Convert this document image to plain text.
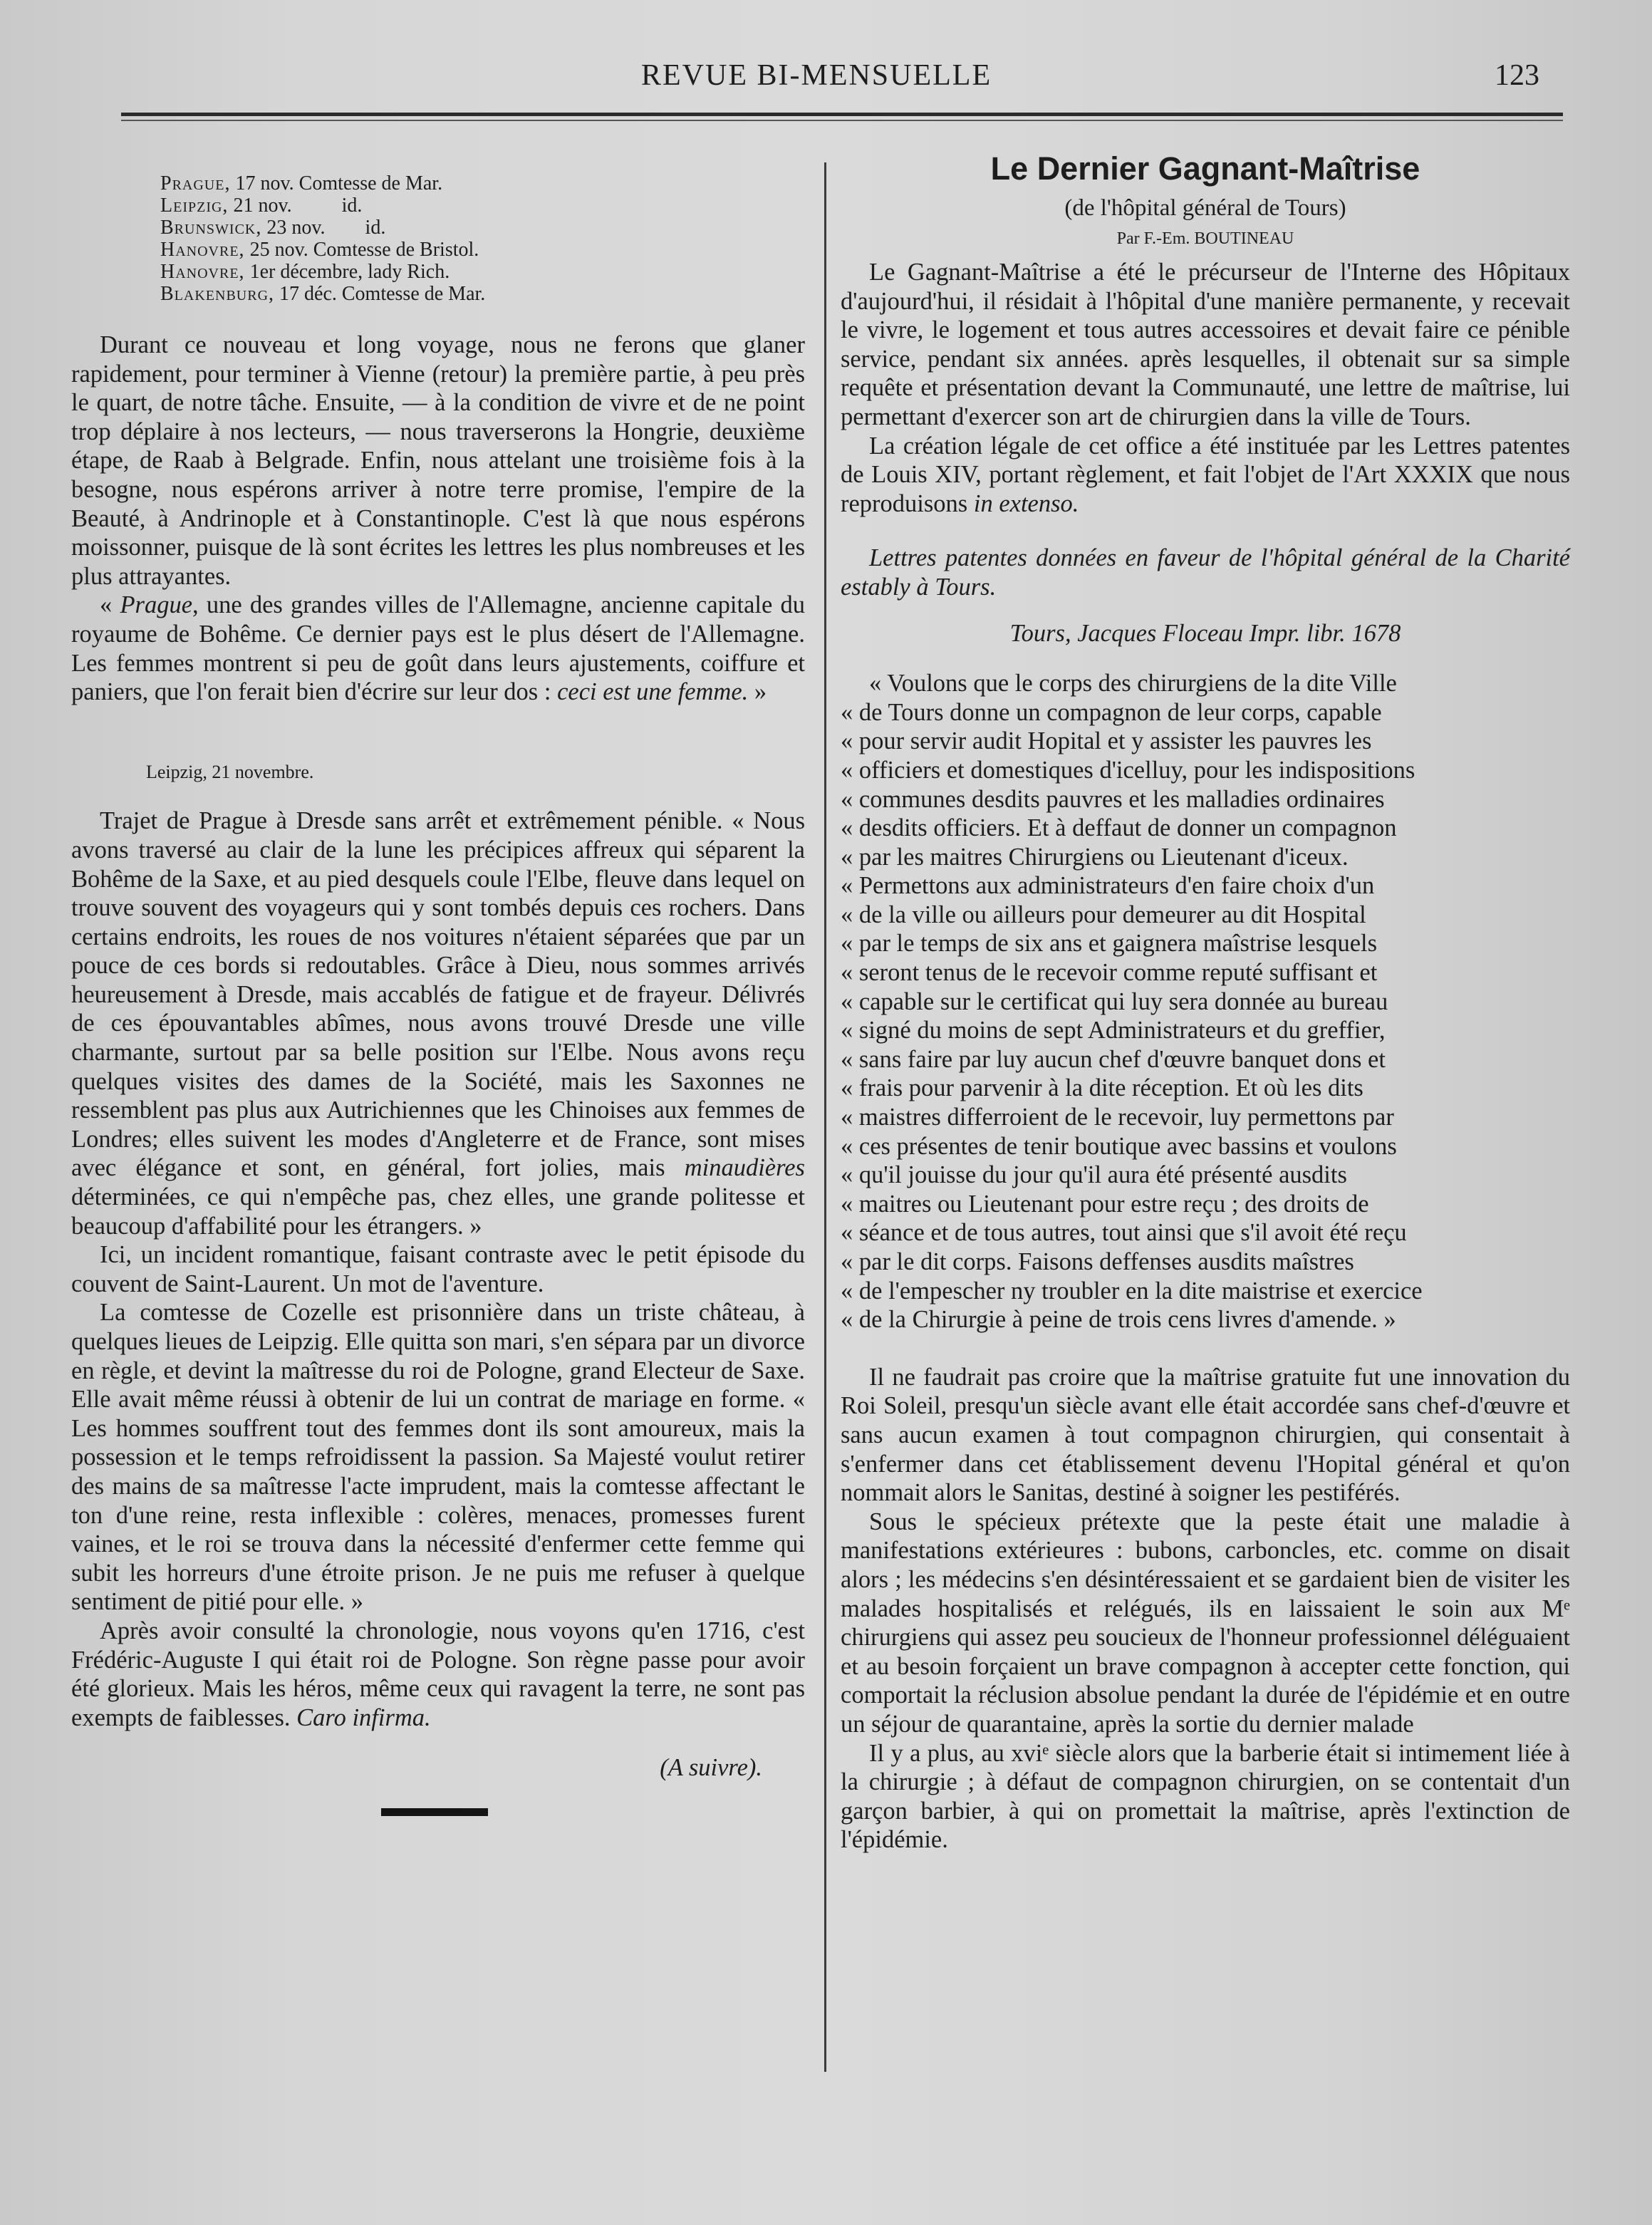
REVUE BI-MENSUELLE	123
Prague, 17 nov. Comtesse de Mar.
Leipzig, 21 nov.          id.
Brunswick, 23 nov.        id.
Hanovre, 25 nov. Comtesse de Bristol.
Hanovre, 1er décembre, lady Rich.
Blakenburg, 17 déc. Comtesse de Mar.

Durant ce nouveau et long voyage, nous ne ferons que glaner rapidement, pour terminer à Vienne (retour) la première partie, à peu près le quart, de notre tâche. Ensuite, — à la condition de vivre et de ne point trop déplaire à nos lecteurs, — nous traverserons la Hongrie, deuxième étape, de Raab à Belgrade. Enfin, nous attelant une troisième fois à la besogne, nous espérons arriver à notre terre promise, l'empire de la Beauté, à Andrinople et à Constantinople. C'est là que nous espérons moissonner, puisque de là sont écrites les lettres les plus nombreuses et les plus attrayantes.

« Prague, une des grandes villes de l'Allemagne, ancienne capitale du royaume de Bohême. Ce dernier pays est le plus désert de l'Allemagne. Les femmes montrent si peu de goût dans leurs ajustements, coiffure et paniers, que l'on ferait bien d'écrire sur leur dos : ceci est une femme. »

Leipzig, 21 novembre.

Trajet de Prague à Dresde sans arrêt et extrêmement pénible. « Nous avons traversé au clair de la lune les précipices affreux qui séparent la Bohême de la Saxe, et au pied desquels coule l'Elbe, fleuve dans lequel on trouve souvent des voyageurs qui y sont tombés depuis ces rochers. Dans certains endroits, les roues de nos voitures n'étaient séparées que par un pouce de ces bords si redoutables. Grâce à Dieu, nous sommes arrivés heureusement à Dresde, mais accablés de fatigue et de frayeur. Délivrés de ces épouvantables abîmes, nous avons trouvé Dresde une ville charmante, surtout par sa belle position sur l'Elbe. Nous avons reçu quelques visites des dames de la Société, mais les Saxonnes ne ressemblent pas plus aux Autrichiennes que les Chinoises aux femmes de Londres; elles suivent les modes d'Angleterre et de France, sont mises avec élégance et sont, en général, fort jolies, mais minaudières déterminées, ce qui n'empêche pas, chez elles, une grande politesse et beaucoup d'affabilité pour les étrangers. »

Ici, un incident romantique, faisant contraste avec le petit épisode du couvent de Saint-Laurent. Un mot de l'aventure.

La comtesse de Cozelle est prisonnière dans un triste château, à quelques lieues de Leipzig. Elle quitta son mari, s'en sépara par un divorce en règle, et devint la maîtresse du roi de Pologne, grand Electeur de Saxe. Elle avait même réussi à obtenir de lui un contrat de mariage en forme. « Les hommes souffrent tout des femmes dont ils sont amoureux, mais la possession et le temps refroidissent la passion. Sa Majesté voulut retirer des mains de sa maîtresse l'acte imprudent, mais la comtesse affectant le ton d'une reine, resta inflexible : colères, menaces, promesses furent vaines, et le roi se trouva dans la nécessité d'enfermer cette femme qui subit les horreurs d'une étroite prison. Je ne puis me refuser à quelque sentiment de pitié pour elle. »

Après avoir consulté la chronologie, nous voyons qu'en 1716, c'est Frédéric-Auguste I qui était roi de Pologne. Son règne passe pour avoir été glorieux. Mais les héros, même ceux qui ravagent la terre, ne sont pas exempts de faiblesses. Caro infirma.

(A suivre).

Le Dernier Gagnant-Maîtrise
(de l'hôpital général de Tours)
Par F.-Em. BOUTINEAU

Le Gagnant-Maîtrise a été le précurseur de l'Interne des Hôpitaux d'aujourd'hui, il résidait à l'hôpital d'une manière permanente, y recevait le vivre, le logement et tous autres accessoires et devait faire ce pénible service, pendant six années. après lesquelles, il obtenait sur sa simple requête et présentation devant la Communauté, une lettre de maîtrise, lui permettant d'exercer son art de chirurgien dans la ville de Tours.

La création légale de cet office a été instituée par les Lettres patentes de Louis XIV, portant règlement, et fait l'objet de l'Art XXXIX que nous reproduisons in extenso.

Lettres patentes données en faveur de l'hôpital général de la Charité estably à Tours.

Tours, Jacques Floceau Impr. libr. 1678

« Voulons que le corps des chirurgiens de la dite Ville

« de Tours donne un compagnon de leur corps, capable

« pour servir audit Hopital et y assister les pauvres les

« officiers et domestiques d'icelluy, pour les indispositions

« communes desdits pauvres et les malladies ordinaires

« desdits officiers. Et à deffaut de donner un compagnon

« par les maitres Chirurgiens ou Lieutenant d'iceux.

« Permettons aux administrateurs d'en faire choix d'un

« de la ville ou ailleurs pour demeurer au dit Hospital

« par le temps de six ans et gaignera maîstrise lesquels

« seront tenus de le recevoir comme reputé suffisant et

« capable sur le certificat qui luy sera donnée au bureau

« signé du moins de sept Administrateurs et du greffier,

« sans faire par luy aucun chef d'œuvre banquet dons et

« frais pour parvenir à la dite réception. Et où les dits

« maistres differroient de le recevoir, luy permettons par

« ces présentes de tenir boutique avec bassins et voulons

« qu'il jouisse du jour qu'il aura été présenté ausdits

« maitres ou Lieutenant pour estre reçu ; des droits de

« séance et de tous autres, tout ainsi que s'il avoit été reçu

« par le dit corps. Faisons deffenses ausdits maîstres

« de l'empescher ny troubler en la dite maistrise et exercice

« de la Chirurgie à peine de trois cens livres d'amende. »

Il ne faudrait pas croire que la maîtrise gratuite fut une innovation du Roi Soleil, presqu'un siècle avant elle était accordée sans chef-d'œuvre et sans aucun examen à tout compagnon chirurgien, qui consentait à s'enfermer dans cet établissement devenu l'Hopital général et qu'on nommait alors le Sanitas, destiné à soigner les pestiférés.

Sous le spécieux prétexte que la peste était une maladie à manifestations extérieures : bubons, carboncles, etc. comme on disait alors ; les médecins s'en désintéressaient et se gardaient bien de visiter les malades hospitalisés et relégués, ils en laissaient le soin aux Mᵉ chirurgiens qui assez peu soucieux de l'honneur professionnel déléguaient et au besoin forçaient un brave compagnon à accepter cette fonction, qui comportait la réclusion absolue pendant la durée de l'épidémie et en outre un séjour de quarantaine, après la sortie du dernier malade

Il y a plus, au xviᵉ siècle alors que la barberie était si intimement liée à la chirurgie ; à défaut de compagnon chirurgien, on se contentait d'un garçon barbier, à qui on promettait la maîtrise, après l'extinction de l'épidémie.
